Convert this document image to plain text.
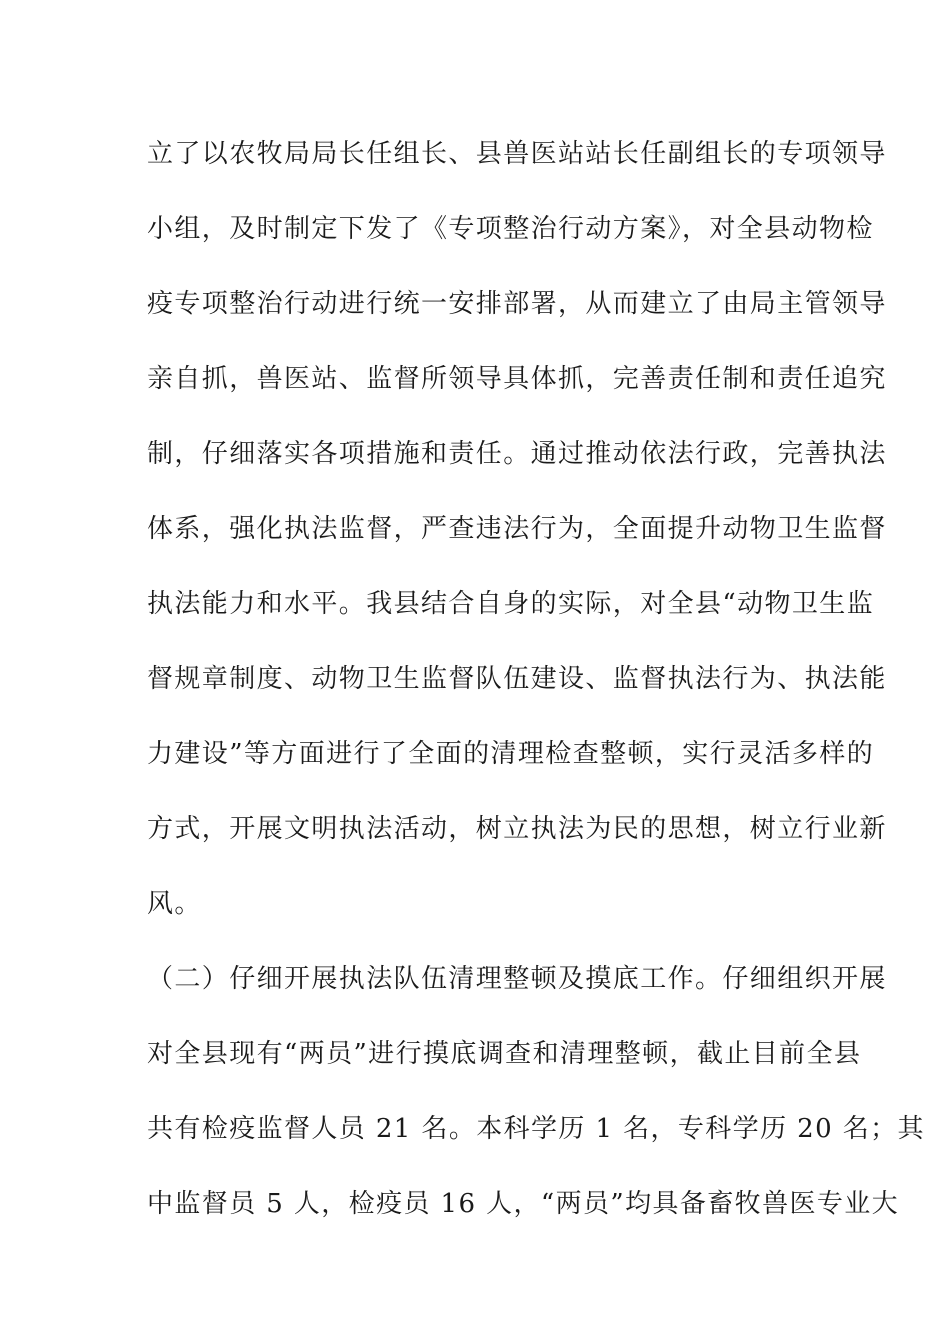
立了以农牧局局长任组长、县兽医站站长任副组长的专项领导
小组，及时制定下发了《专项整治行动方案》，对全县动物检
疫专项整治行动进行统一安排部署，从而建立了由局主管领导
亲自抓，兽医站、监督所领导具体抓，完善责任制和责任追究
制，仔细落实各项措施和责任。通过推动依法行政，完善执法
体系，强化执法监督，严查违法行为，全面提升动物卫生监督
执法能力和水平。我县结合自身的实际，对全县“动物卫生监
督规章制度、动物卫生监督队伍建设、监督执法行为、执法能
力建设”等方面进行了全面的清理检查整顿，实行灵活多样的
方式，开展文明执法活动，树立执法为民的思想，树立行业新
风。
（二）仔细开展执法队伍清理整顿及摸底工作。仔细组织开展
对全县现有“两员”进行摸底调查和清理整顿，截止目前全县
共有检疫监督人员 21 名。本科学历 1 名，专科学历 20 名；其
中监督员 5 人，检疫员 16 人，“两员”均具备畜牧兽医专业大
